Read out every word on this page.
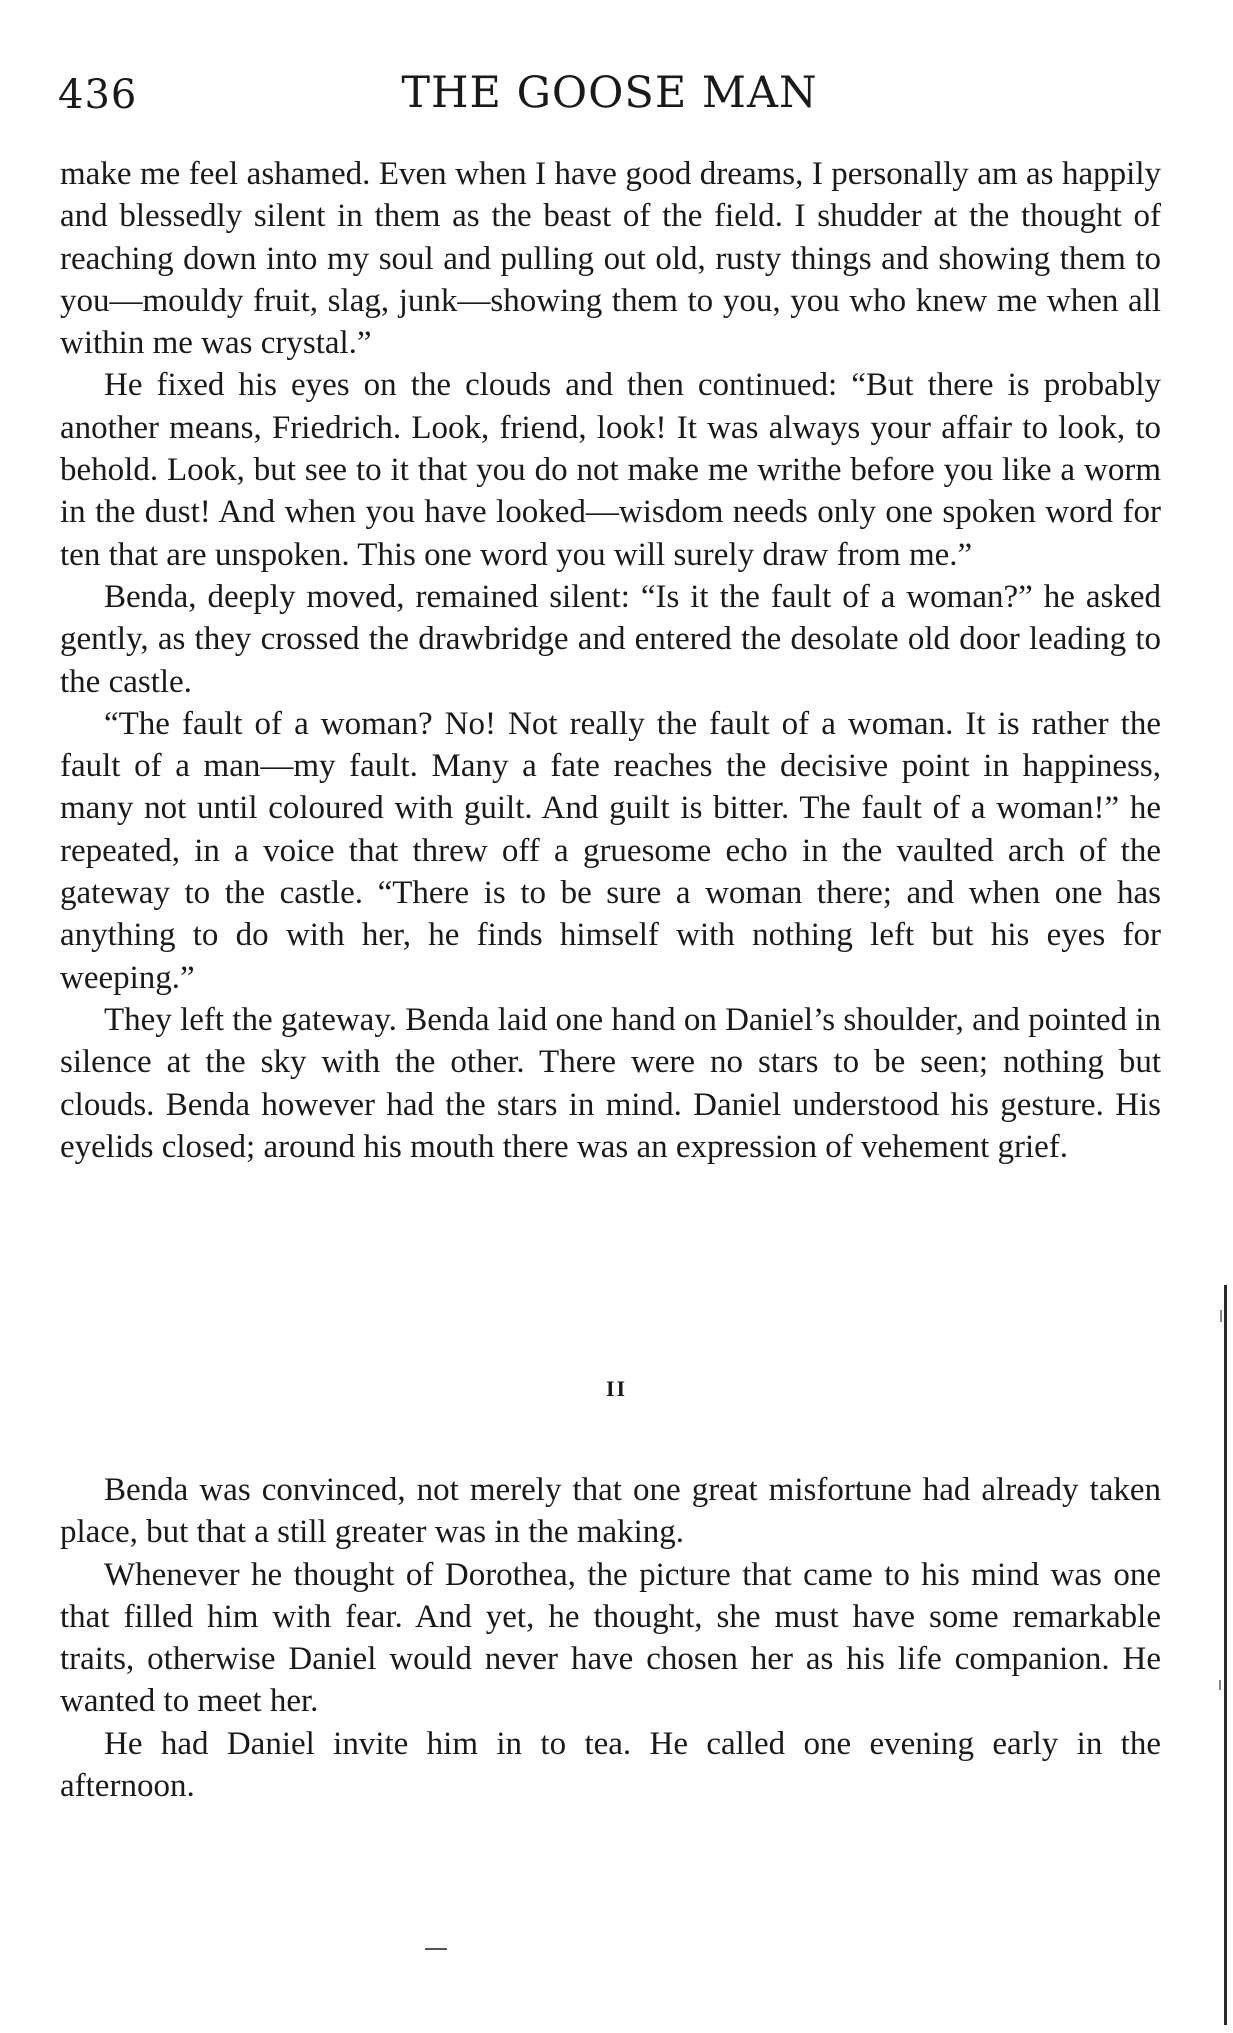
436	THE GOOSE MAN

make me feel ashamed. Even when I have good dreams, I personally am as happily and blessedly silent in them as the beast of the field. I shudder at the thought of reaching down into my soul and pulling out old, rusty things and showing them to you—mouldy fruit, slag, junk—showing them to you, you who knew me when all within me was crystal.”

He fixed his eyes on the clouds and then continued: “But there is probably another means, Friedrich. Look, friend, look! It was always your affair to look, to behold. Look, but see to it that you do not make me writhe before you like a worm in the dust! And when you have looked—wisdom needs only one spoken word for ten that are unspoken. This one word you will surely draw from me.”

Benda, deeply moved, remained silent: “Is it the fault of a woman?” he asked gently, as they crossed the drawbridge and entered the desolate old door leading to the castle.

“The fault of a woman? No! Not really the fault of a woman. It is rather the fault of a man—my fault. Many a fate reaches the decisive point in happiness, many not until coloured with guilt. And guilt is bitter. The fault of a woman!” he repeated, in a voice that threw off a gruesome echo in the vaulted arch of the gateway to the castle. “There is to be sure a woman there; and when one has anything to do with her, he finds himself with nothing left but his eyes for weeping.”

They left the gateway. Benda laid one hand on Daniel’s shoulder, and pointed in silence at the sky with the other. There were no stars to be seen; nothing but clouds. Benda however had the stars in mind. Daniel understood his gesture. His eyelids closed; around his mouth there was an expression of vehement grief.

II

Benda was convinced, not merely that one great misfortune had already taken place, but that a still greater was in the making.

Whenever he thought of Dorothea, the picture that came to his mind was one that filled him with fear. And yet, he thought, she must have some remarkable traits, otherwise Daniel would never have chosen her as his life companion. He wanted to meet her.

He had Daniel invite him in to tea. He called one evening early in the afternoon.
